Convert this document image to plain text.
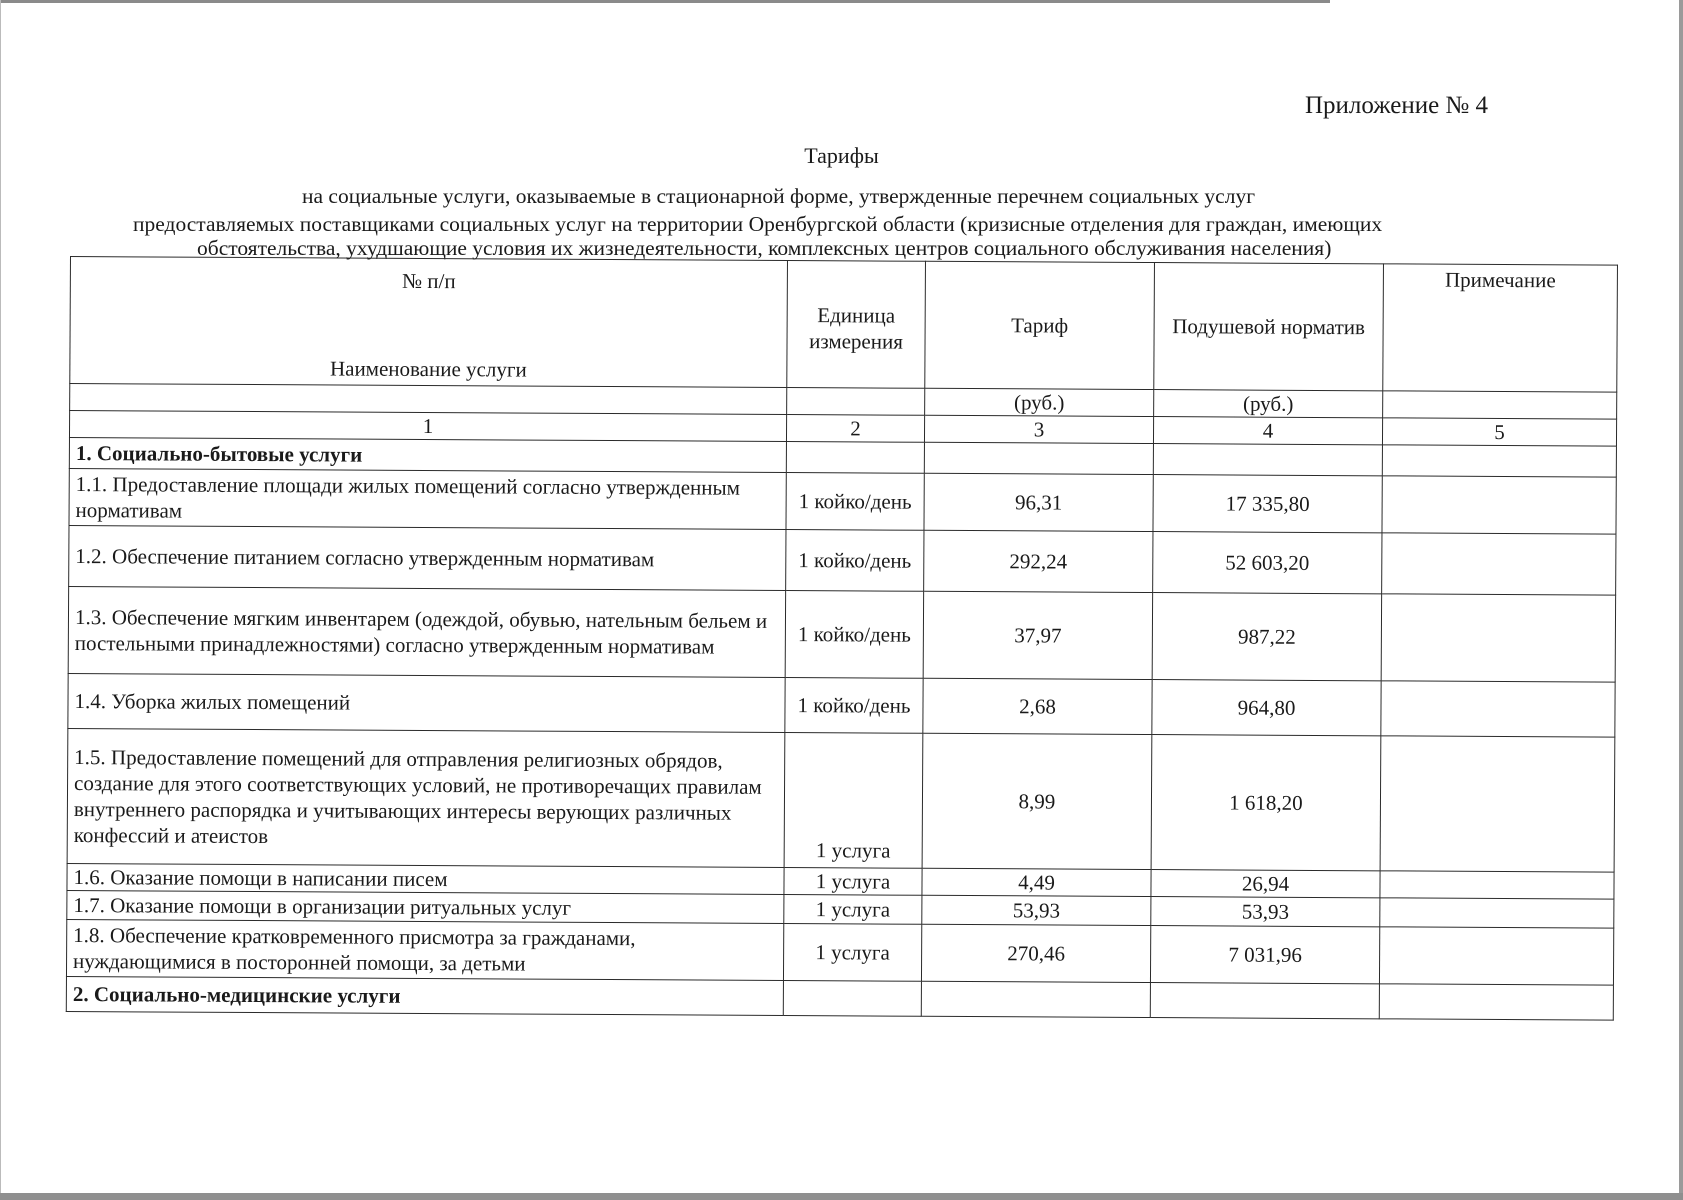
Приложение № 4
Тарифы
на социальные услуги, оказываемые в стационарной форме, утвержденные перечнем социальных услуг
предоставляемых поставщиками социальных услуг на территории Оренбургской области (кризисные отделения для граждан, имеющих
обстоятельства, ухудшающие условия их жизнедеятельности, комплексных центров социального обслуживания населения)
№ п/п
Наименование услуги	Единица измерения	Тариф	Подушевой норматив	Примечание
		(руб.)	(руб.)	
1	2	3	4	5
1. Социально-бытовые услуги				
1.1. Предоставление площади жилых помещений согласно утвержденным нормативам	1 койко/день	96,31	17 335,80	
1.2. Обеспечение питанием согласно утвержденным нормативам	1 койко/день	292,24	52 603,20	
1.3. Обеспечение мягким инвентарем (одеждой, обувью, нательным бельем и постельными принадлежностями) согласно утвержденным нормативам	1 койко/день	37,97	987,22	
1.4. Уборка жилых помещений	1 койко/день	2,68	964,80	
1.5. Предоставление помещений для отправления религиозных обрядов, создание для этого соответствующих условий, не противоречащих правилам внутреннего распорядка и учитывающих интересы верующих различных конфессий и атеистов	1 услуга	8,99	1 618,20	
1.6. Оказание помощи в написании писем	1 услуга	4,49	26,94	
1.7. Оказание помощи в организации ритуальных услуг	1 услуга	53,93	53,93	
1.8. Обеспечение кратковременного присмотра за гражданами, нуждающимися в посторонней помощи, за детьми	1 услуга	270,46	7 031,96	
2. Социально-медицинские услуги				
